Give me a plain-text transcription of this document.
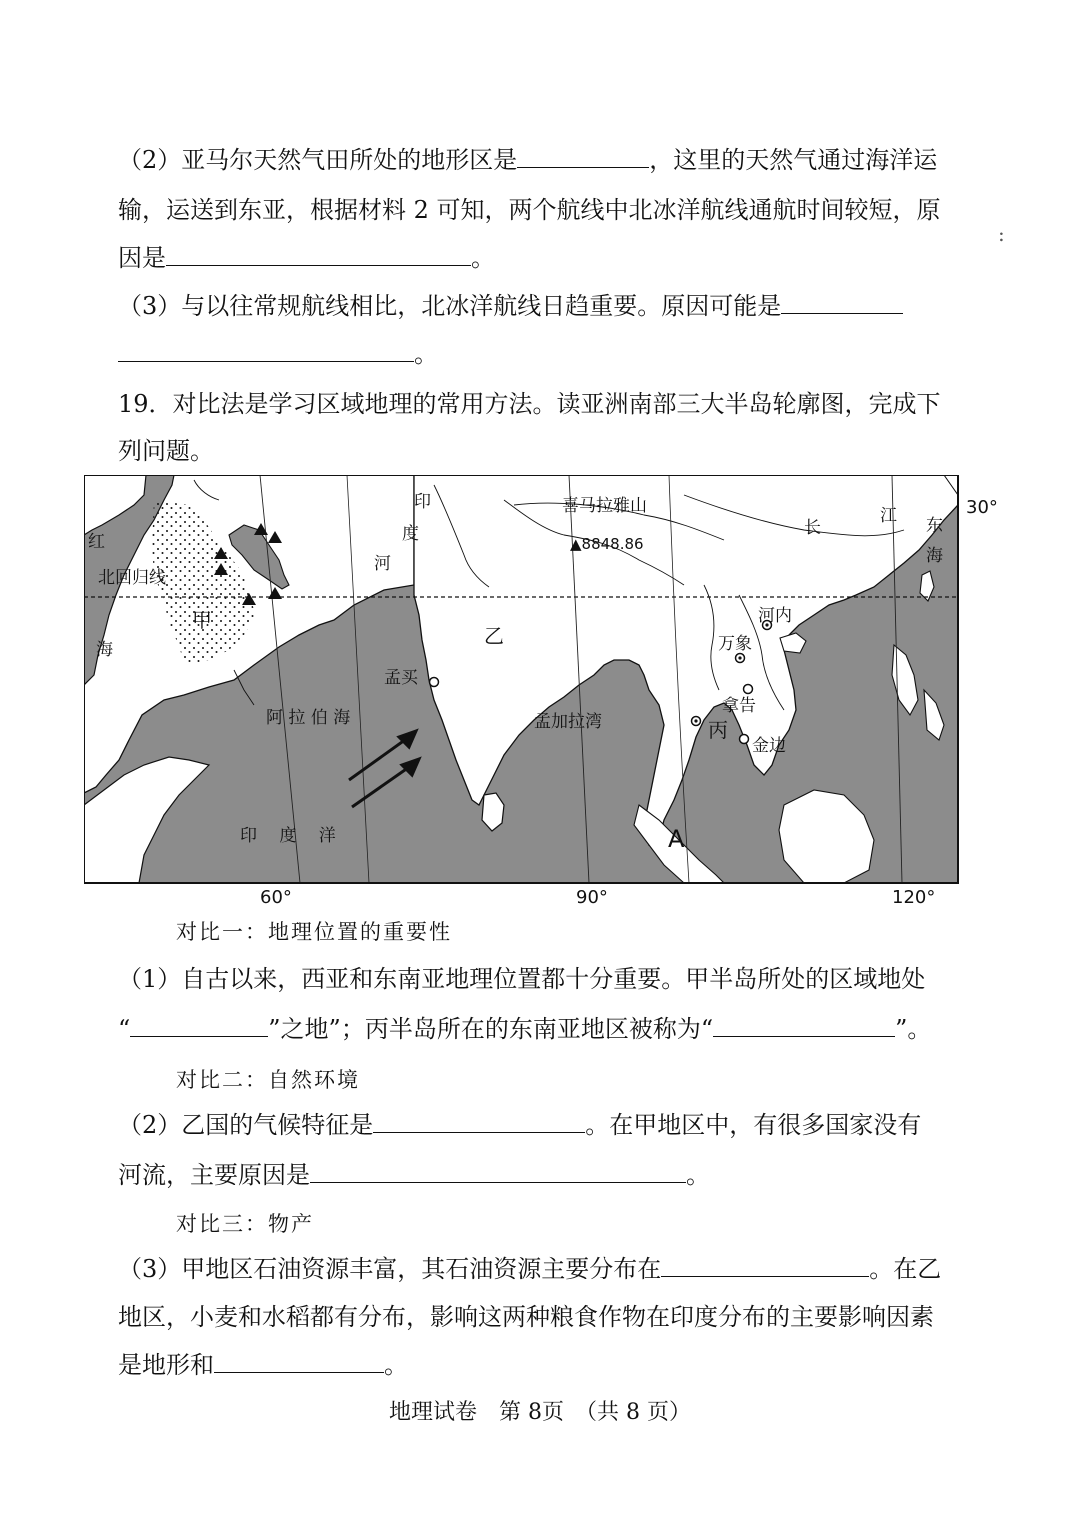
（2）亚马尔天然气田所处的地形区是	，这里的天然气通过海洋运
输，运送到东亚，根据材料 2 可知，两个航线中北冰洋航线通航时间较短，原
因是	。
:
（3）与以往常规航线相比，北冰洋航线日趋重要。原因可能是
。
19．对比法是学习区域地理的常用方法。读亚洲南部三大半岛轮廓图，完成下
列问题。
红
海
北回归线
甲
印
度
河
喜马拉雅山
▲8848.86
长
江 东
海
乙
孟买
阿 拉 伯 海	孟加拉湾
印　 度　 洋
万象
河内
拿告
丙
金边
A
30°
60°	90°	120°
对比一：地理位置的重要性
（1）自古以来，西亚和东南亚地理位置都十分重要。甲半岛所处的区域地处
“	”之地”；丙半岛所在的东南亚地区被称为“	”。
对比二：自然环境
（2）乙国的气候特征是	。在甲地区中，有很多国家没有
河流，主要原因是	。
对比三：物产
（3）甲地区石油资源丰富，其石油资源主要分布在	。在乙
地区，小麦和水稻都有分布，影响这两种粮食作物在印度分布的主要影响因素
是地形和	。
地理试卷　第 8页　（共 8 页）
